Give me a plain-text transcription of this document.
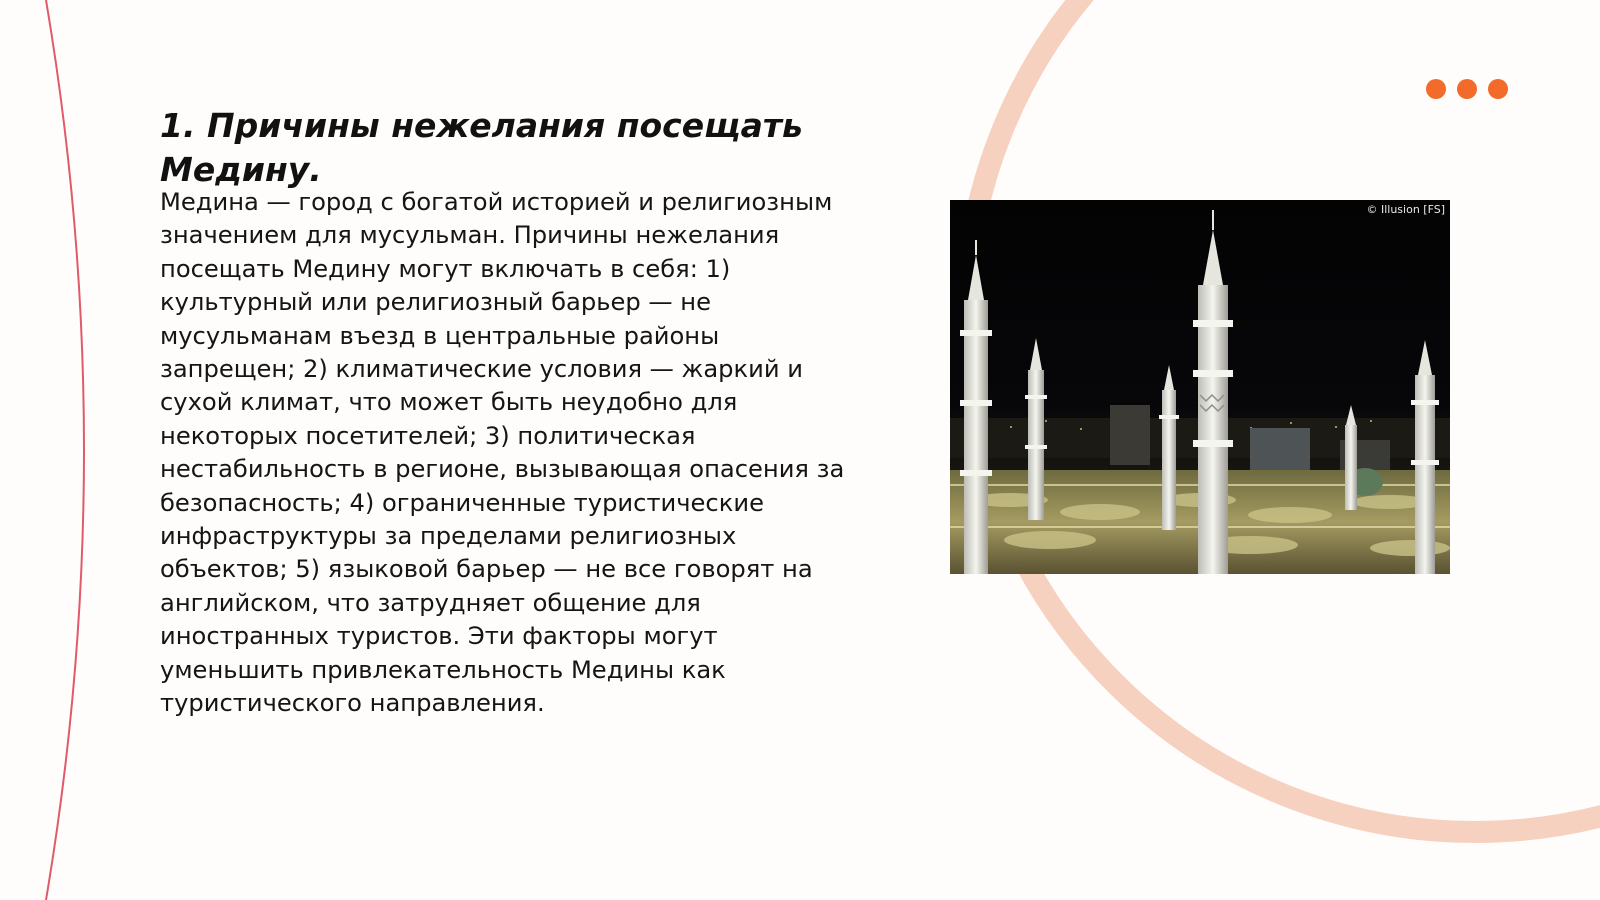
1. Причины нежелания посещать Медину.

Медина — город с богатой историей и религиозным значением для мусульман. Причины нежелания посещать Медину могут включать в себя: 1) культурный или религиозный барьер — не мусульманам въезд в центральные районы запрещен; 2) климатические условия — жаркий и сухой климат, что может быть неудобно для некоторых посетителей; 3) политическая нестабильность в регионе, вызывающая опасения за безопасность; 4) ограниченные туристические инфраструктуры за пределами религиозных объектов; 5) языковой барьер — не все говорят на английском, что затрудняет общение для иностранных туристов. Эти факторы могут уменьшить привлекательность Медины как туристического направления.

© Illusion [FS]
